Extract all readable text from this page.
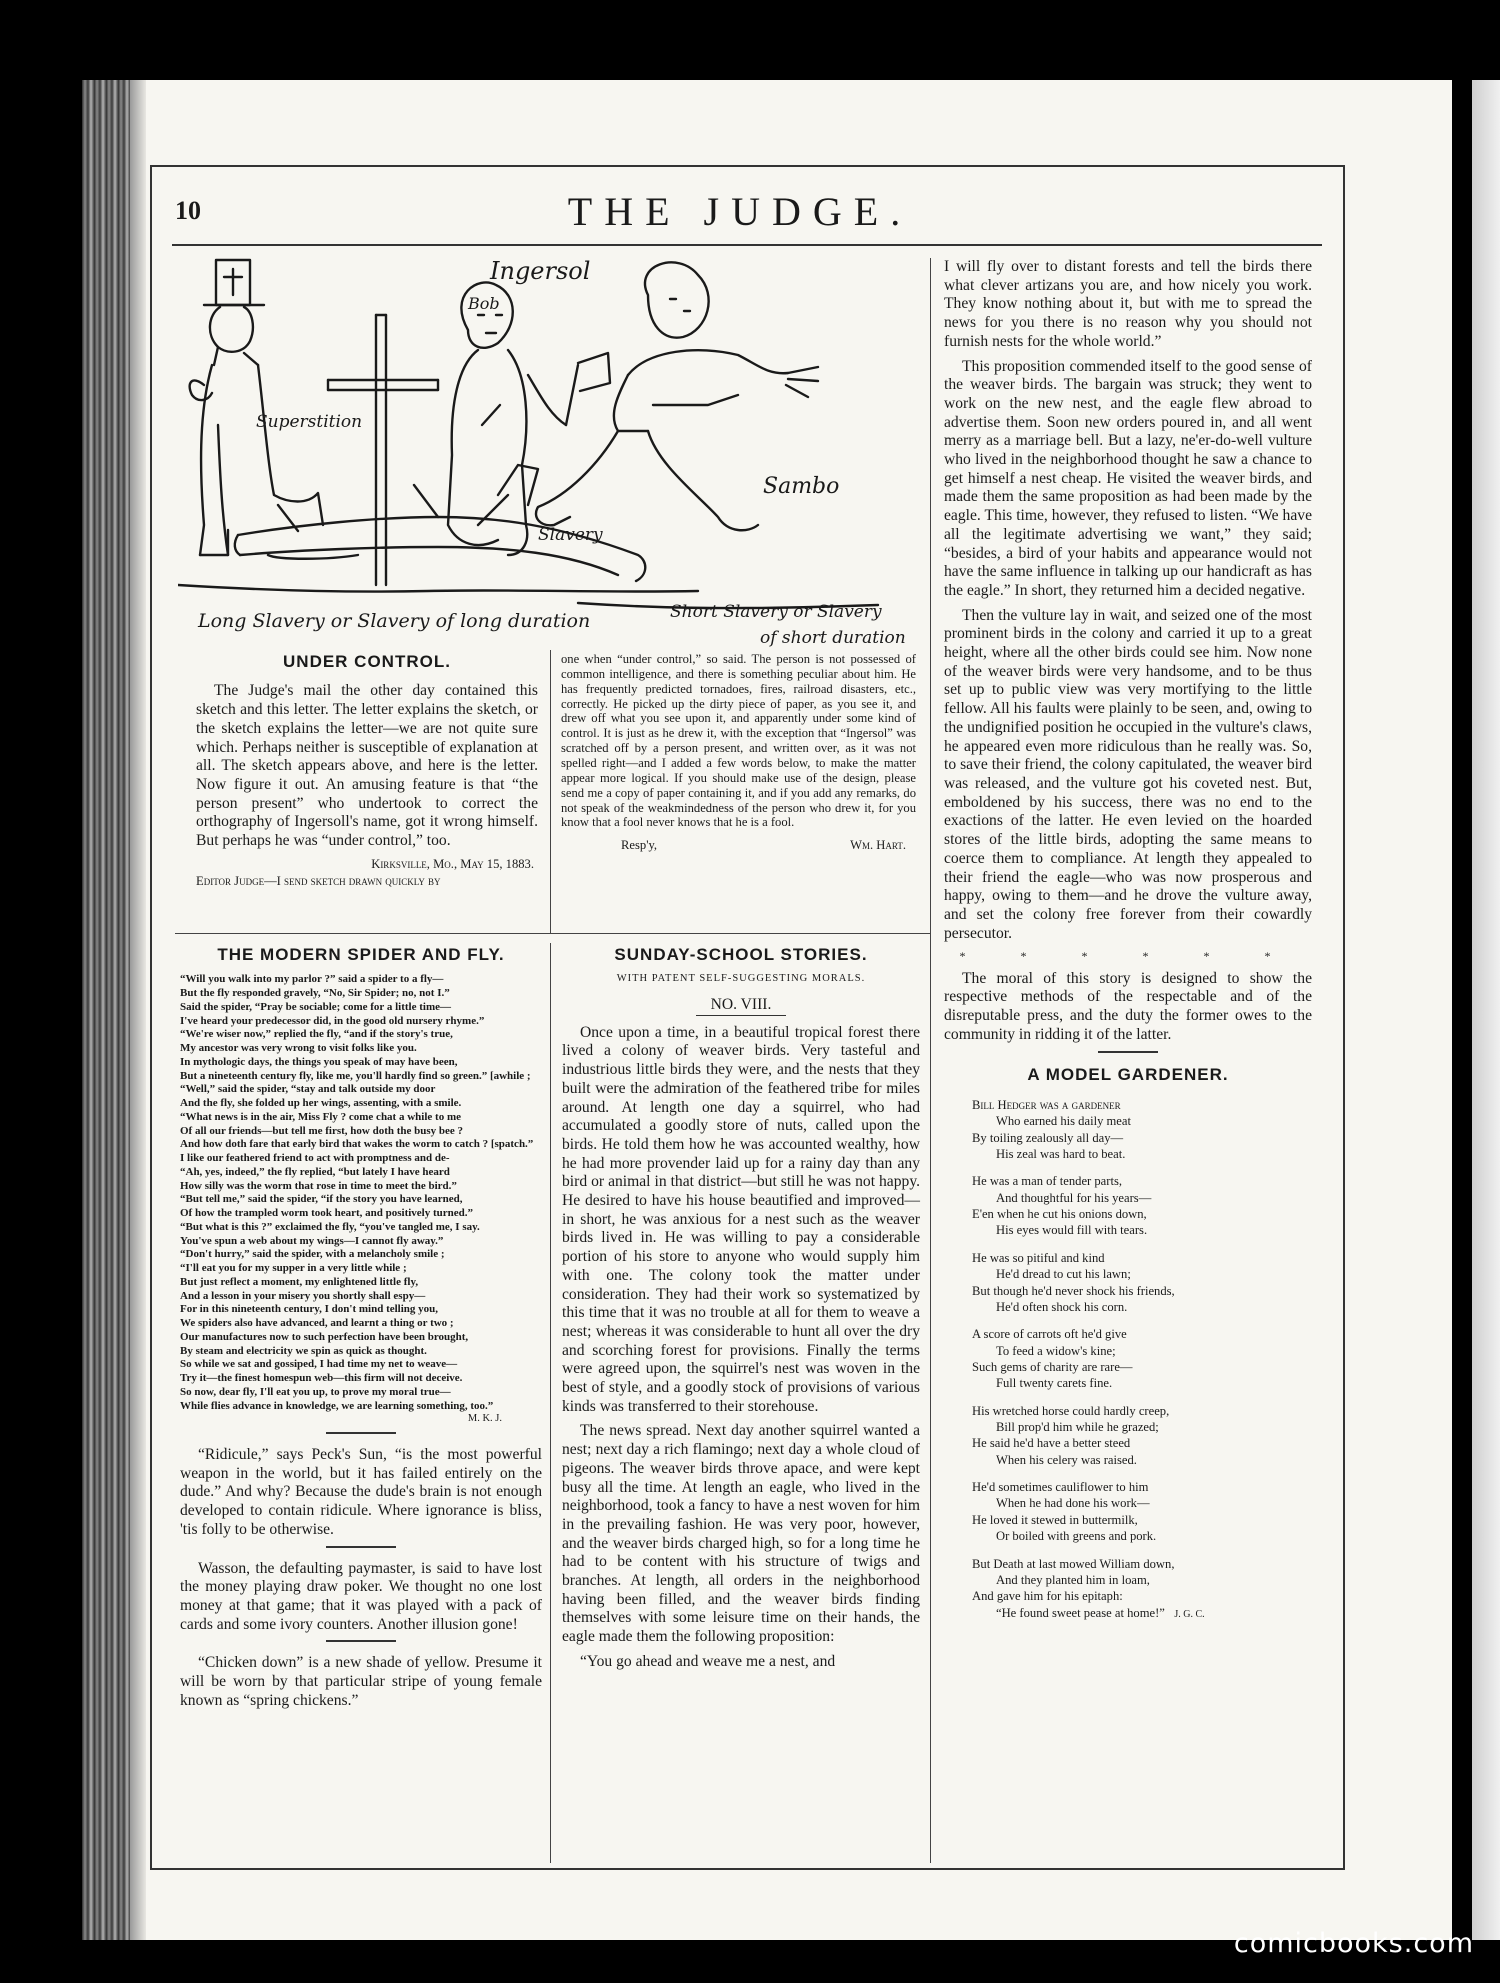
10	THE JUDGE.
Ingersol
Bob
Superstition
Slavery
Sambo
Long Slavery or Slavery of long duration	Short Slavery or Slavery
of short duration
UNDER CONTROL.

The Judge's mail the other day contained this sketch and this letter. The letter explains the sketch, or the sketch explains the letter—we are not quite sure which. Perhaps neither is susceptible of explanation at all. The sketch appears above, and here is the letter. Now figure it out. An amusing feature is that “the person present” who undertook to correct the orthography of Ingersoll's name, got it wrong himself. But perhaps he was “under control,” too.

Kirksville, Mo., May 15, 1883.
Editor Judge—I send sketch drawn quickly by

one when “under control,” so said. The person is not possessed of common intelligence, and there is something peculiar about him. He has frequently predicted tornadoes, fires, railroad disasters, etc., correctly. He picked up the dirty piece of paper, as you see it, and drew off what you see upon it, and apparently under some kind of control. It is just as he drew it, with the exception that “Ingersol” was scratched off by a person present, and written over, as it was not spelled right—and I added a few words below, to make the matter appear more logical. If you should make use of the design, please send me a copy of paper containing it, and if you add any remarks, do not speak of the weakmindedness of the person who drew it, for you know that a fool never knows that he is a fool.

Resp'y,	Wm. Hart.
THE MODERN SPIDER AND FLY.
“Will you walk into my parlor ?” said a spider to a fly—
But the fly responded gravely, “No, Sir Spider; no, not I.”
Said the spider, “Pray be sociable; come for a little time—
I've heard your predecessor did, in the good old nursery rhyme.”
“We're wiser now,” replied the fly, “and if the story's true,
My ancestor was very wrong to visit folks like you.
In mythologic days, the things you speak of may have been,
But a nineteenth century fly, like me, you'll hardly find so green.” [awhile ;
“Well,” said the spider, “stay and talk outside my door
And the fly, she folded up her wings, assenting, with a smile.
“What news is in the air, Miss Fly ? come chat a while to me
Of all our friends—but tell me first, how doth the busy bee ?
And how doth fare that early bird that wakes the worm to catch ? [spatch.”
I like our feathered friend to act with promptness and de-
“Ah, yes, indeed,” the fly replied, “but lately I have heard
How silly was the worm that rose in time to meet the bird.”
“But tell me,” said the spider, “if the story you have learned,
Of how the trampled worm took heart, and positively turned.”
“But what is this ?” exclaimed the fly, “you've tangled me, I say.
You've spun a web about my wings—I cannot fly away.”
“Don't hurry,” said the spider, with a melancholy smile ;
“I'll eat you for my supper in a very little while ;
But just reflect a moment, my enlightened little fly,
And a lesson in your misery you shortly shall espy—
For in this nineteenth century, I don't mind telling you,
We spiders also have advanced, and learnt a thing or two ;
Our manufactures now to such perfection have been brought,
By steam and electricity we spin as quick as thought.
So while we sat and gossiped, I had time my net to weave—
Try it—the finest homespun web—this firm will not deceive.
So now, dear fly, I'll eat you up, to prove my moral true—
While flies advance in knowledge, we are learning something, too.”
M. K. J.

“Ridicule,” says Peck's Sun, “is the most powerful weapon in the world, but it has failed entirely on the dude.” And why? Because the dude's brain is not enough developed to contain ridicule. Where ignorance is bliss, 'tis folly to be otherwise.

Wasson, the defaulting paymaster, is said to have lost the money playing draw poker. We thought no one lost money at that game; that it was played with a pack of cards and some ivory counters. Another illusion gone!

“Chicken down” is a new shade of yellow. Presume it will be worn by that particular stripe of young female known as “spring chickens.”

SUNDAY-SCHOOL STORIES.
WITH PATENT SELF-SUGGESTING MORALS.
NO. VIII.

Once upon a time, in a beautiful tropical forest there lived a colony of weaver birds. Very tasteful and industrious little birds they were, and the nests that they built were the admiration of the feathered tribe for miles around. At length one day a squirrel, who had accumulated a goodly store of nuts, called upon the birds. He told them how he was accounted wealthy, how he had more provender laid up for a rainy day than any bird or animal in that district—but still he was not happy. He desired to have his house beautified and improved—in short, he was anxious for a nest such as the weaver birds lived in. He was willing to pay a considerable portion of his store to anyone who would supply him with one. The colony took the matter under consideration. They had their work so systematized by this time that it was no trouble at all for them to weave a nest; whereas it was considerable to hunt all over the dry and scorching forest for provisions. Finally the terms were agreed upon, the squirrel's nest was woven in the best of style, and a goodly stock of provisions of various kinds was transferred to their storehouse.

The news spread. Next day another squirrel wanted a nest; next day a rich flamingo; next day a whole cloud of pigeons. The weaver birds throve apace, and were kept busy all the time. At length an eagle, who lived in the neighborhood, took a fancy to have a nest woven for him in the prevailing fashion. He was very poor, however, and the weaver birds charged high, so for a long time he had to be content with his structure of twigs and branches. At length, all orders in the neighborhood having been filled, and the weaver birds finding themselves with some leisure time on their hands, the eagle made them the following proposition:

“You go ahead and weave me a nest, and

I will fly over to distant forests and tell the birds there what clever artizans you are, and how nicely you work. They know nothing about it, but with me to spread the news for you there is no reason why you should not furnish nests for the whole world.”

This proposition commended itself to the good sense of the weaver birds. The bargain was struck; they went to work on the new nest, and the eagle flew abroad to advertise them. Soon new orders poured in, and all went merry as a marriage bell. But a lazy, ne'er-do-well vulture who lived in the neighborhood thought he saw a chance to get himself a nest cheap. He visited the weaver birds, and made them the same proposition as had been made by the eagle. This time, however, they refused to listen. “We have all the legitimate advertising we want,” they said; “besides, a bird of your habits and appearance would not have the same influence in talking up our handicraft as has the eagle.” In short, they returned him a decided negative.

Then the vulture lay in wait, and seized one of the most prominent birds in the colony and carried it up to a great height, where all the other birds could see him. Now none of the weaver birds were very handsome, and to be thus set up to public view was very mortifying to the little fellow. All his faults were plainly to be seen, and, owing to the undignified position he occupied in the vulture's claws, he appeared even more ridiculous than he really was. So, to save their friend, the colony capitulated, the weaver bird was released, and the vulture got his coveted nest. But, emboldened by his success, there was no end to the exactions of the latter. He even levied on the hoarded stores of the little birds, adopting the same means to coerce them to compliance. At length they appealed to their friend the eagle—who was now prosperous and happy, owing to them—and he drove the vulture away, and set the colony free forever from their cowardly persecutor.

* * * * * *

The moral of this story is designed to show the respective methods of the respectable and of the disreputable press, and the duty the former owes to the community in ridding it of the latter.

A MODEL GARDENER.
Bill Hedger was a gardener
Who earned his daily meat
By toiling zealously all day—
His zeal was hard to beat.
He was a man of tender parts,
And thoughtful for his years—
E'en when he cut his onions down,
His eyes would fill with tears.
He was so pitiful and kind
He'd dread to cut his lawn;
But though he'd never shock his friends,
He'd often shock his corn.
A score of carrots oft he'd give
To feed a widow's kine;
Such gems of charity are rare—
Full twenty carets fine.
His wretched horse could hardly creep,
Bill prop'd him while he grazed;
He said he'd have a better steed
When his celery was raised.
He'd sometimes cauliflower to him
When he had done his work—
He loved it stewed in buttermilk,
Or boiled with greens and pork.
But Death at last mowed William down,
And they planted him in loam,
And gave him for his epitaph:
“He found sweet pease at home!” J. G. C.
comicbooks.com
